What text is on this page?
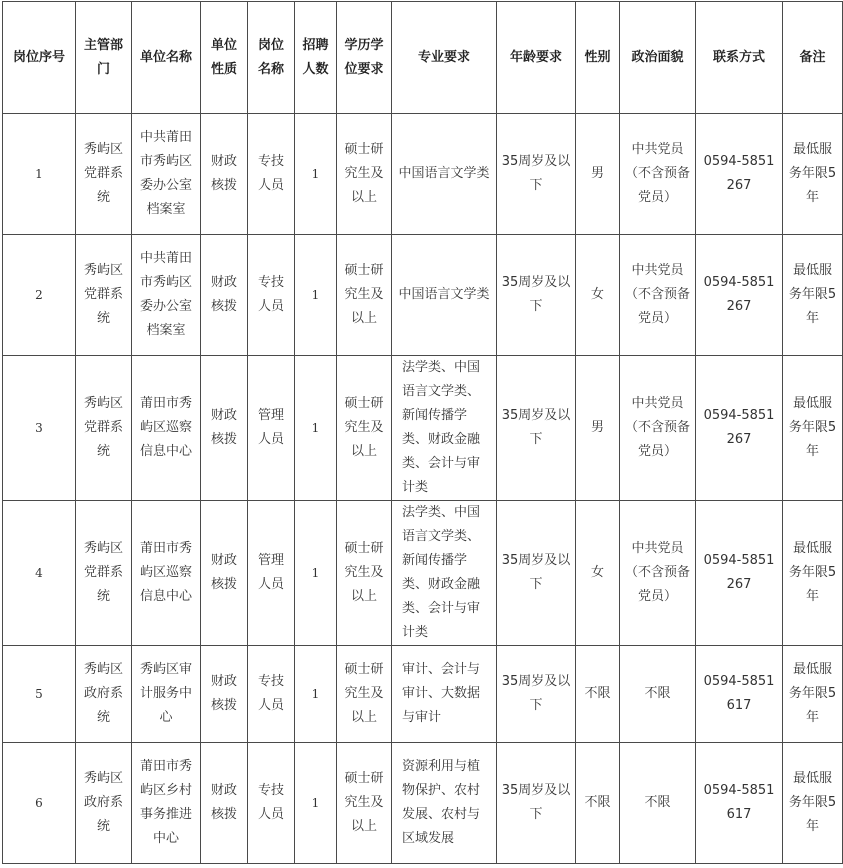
岗位序号	主管部门	单位名称	单位性质	岗位名称	招聘人数	学历学位要求	专业要求	年龄要求	性别	政治面貌	联系方式	备注
1	秀屿区党群系统	中共莆田市秀屿区委办公室档案室	财政核拨	专技人员	1	硕士研究生及以上	中国语言文学类	35周岁及以下	男	中共党员（不含预备党员）	0594-5851267	最低服务年限5年
2	秀屿区党群系统	中共莆田市秀屿区委办公室档案室	财政核拨	专技人员	1	硕士研究生及以上	中国语言文学类	35周岁及以下	女	中共党员（不含预备党员）	0594-5851267	最低服务年限5年
3	秀屿区党群系统	莆田市秀屿区巡察信息中心	财政核拨	管理人员	1	硕士研究生及以上	法学类、中国语言文学类、新闻传播学类、财政金融类、会计与审计类	35周岁及以下	男	中共党员（不含预备党员）	0594-5851267	最低服务年限5年
4	秀屿区党群系统	莆田市秀屿区巡察信息中心	财政核拨	管理人员	1	硕士研究生及以上	法学类、中国语言文学类、新闻传播学类、财政金融类、会计与审计类	35周岁及以下	女	中共党员（不含预备党员）	0594-5851267	最低服务年限5年
5	秀屿区政府系统	秀屿区审计服务中心	财政核拨	专技人员	1	硕士研究生及以上	审计、会计与审计、大数据与审计	35周岁及以下	不限	不限	0594-5851617	最低服务年限5年
6	秀屿区政府系统	莆田市秀屿区乡村事务推进中心	财政核拨	专技人员	1	硕士研究生及以上	资源利用与植物保护、农村发展、农村与区域发展	35周岁及以下	不限	不限	0594-5851617	最低服务年限5年
